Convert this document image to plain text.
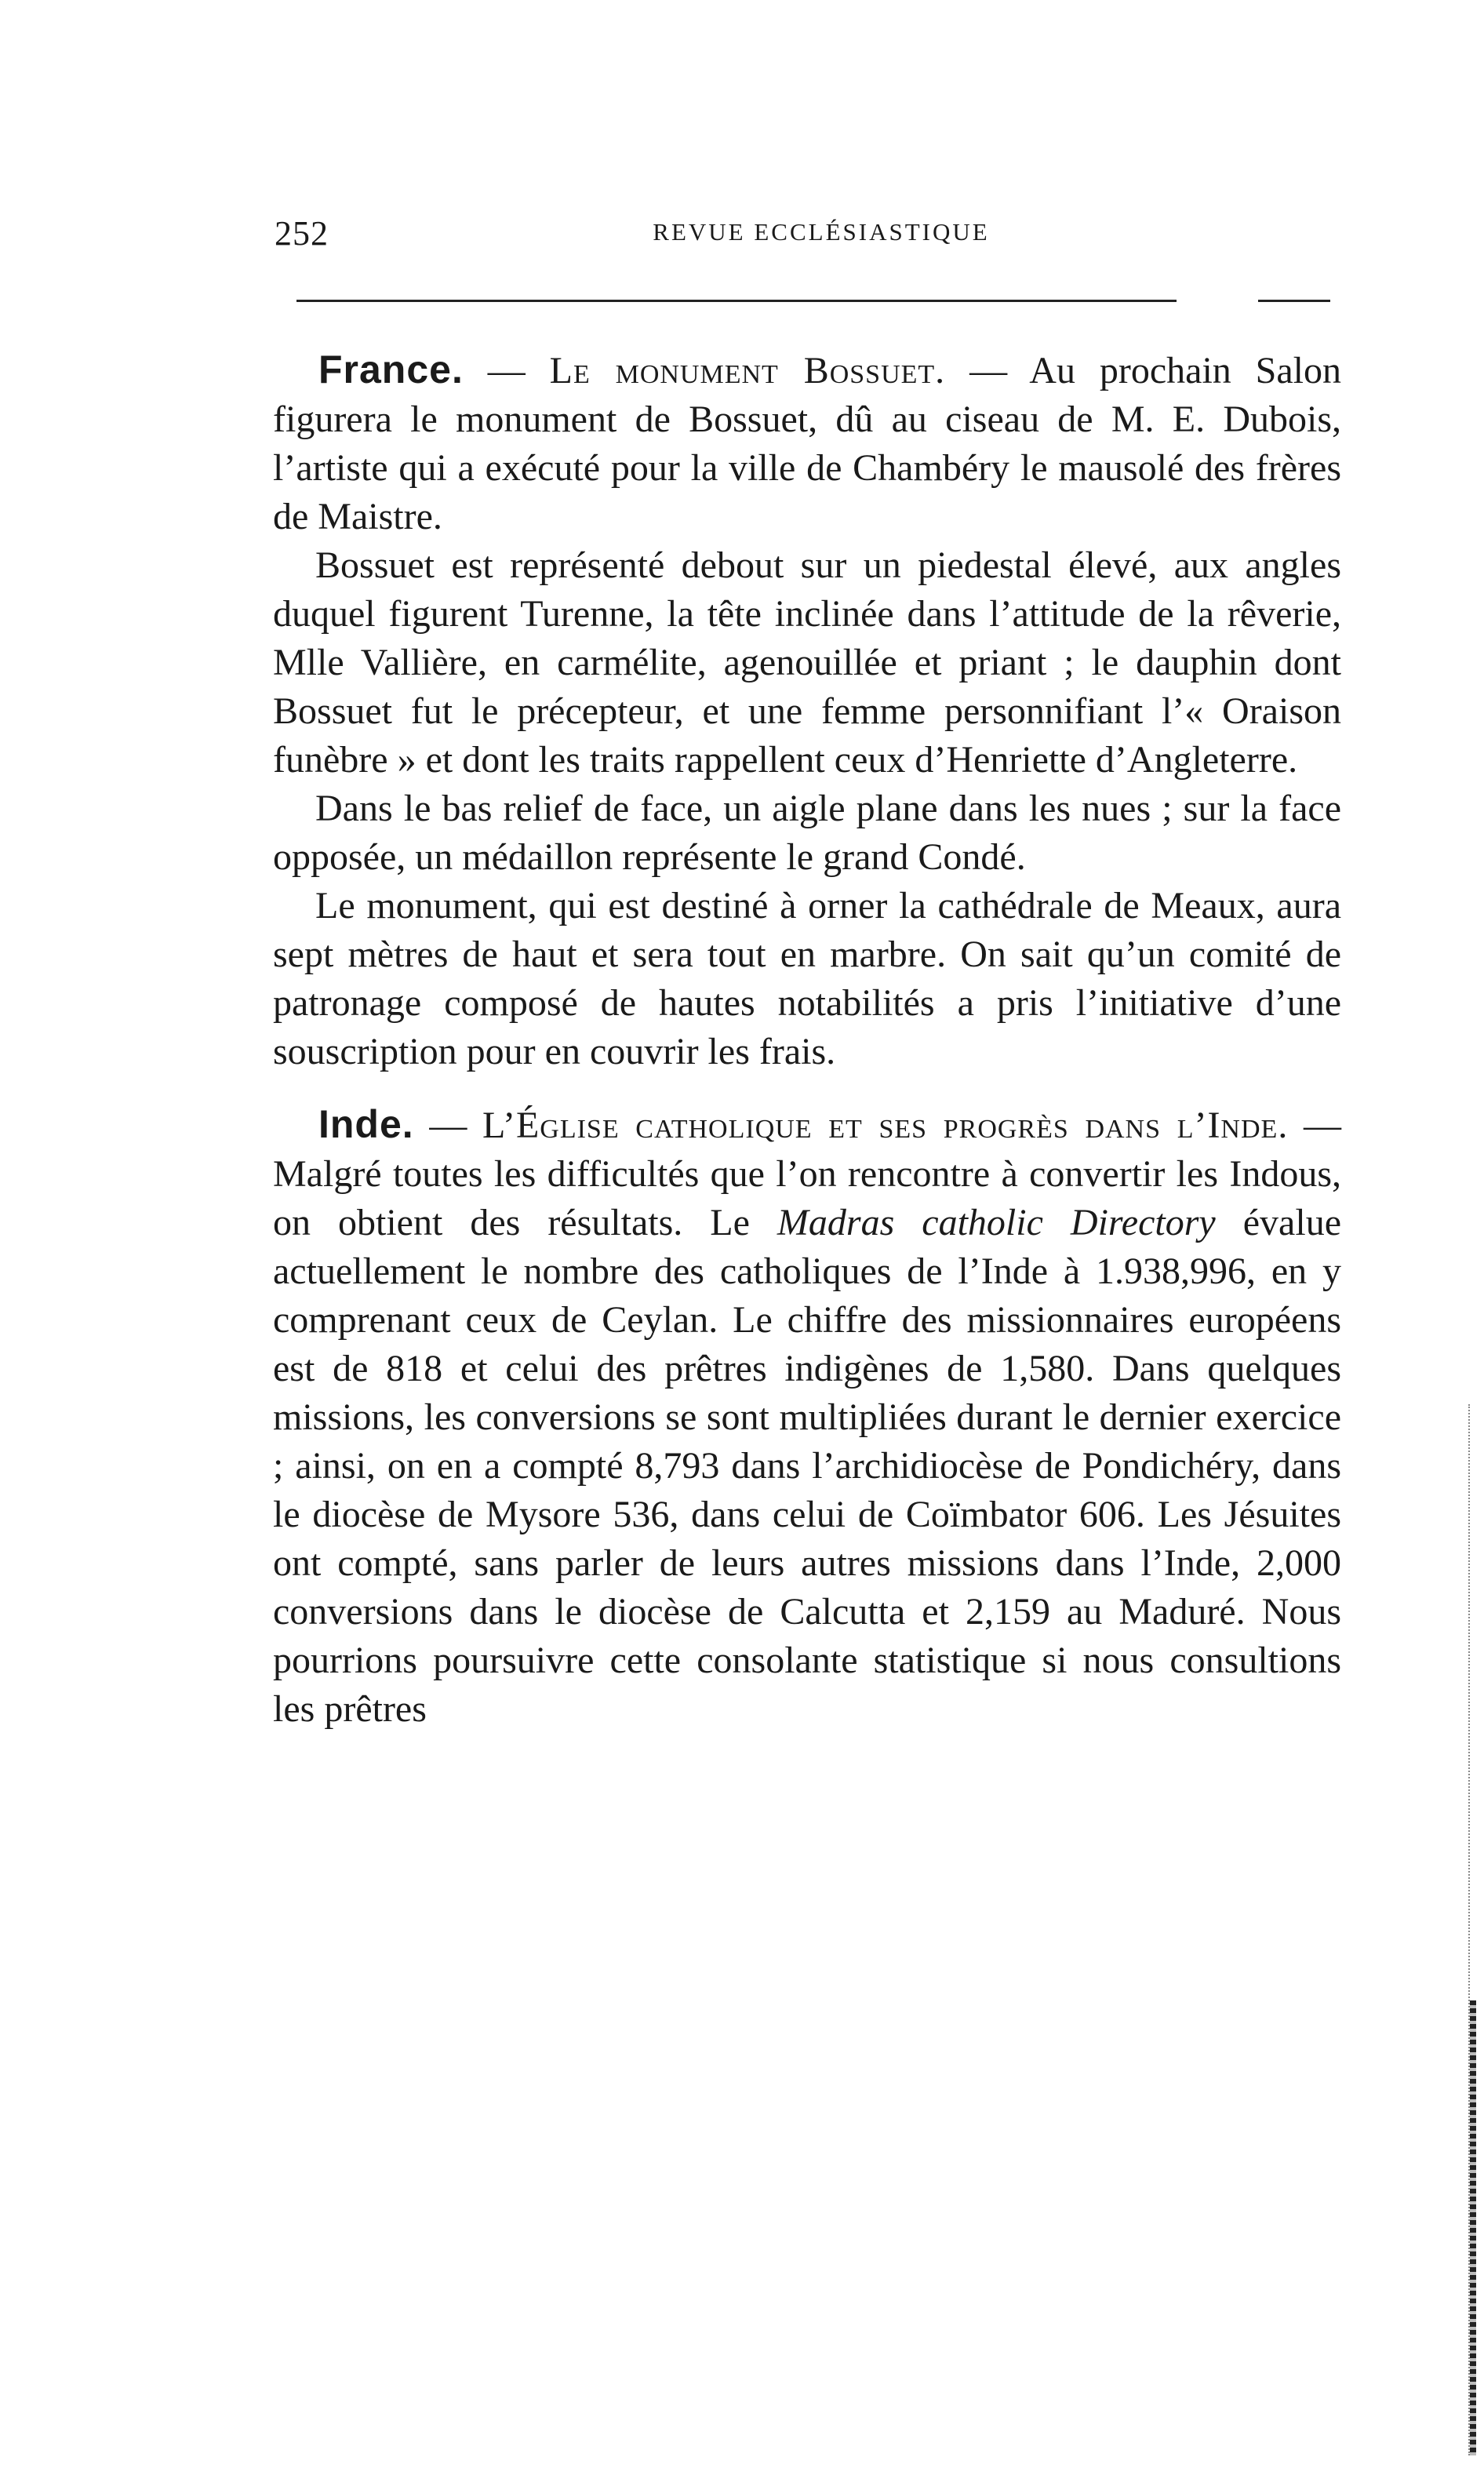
252	REVUE ECCLÉSIASTIQUE

France. — Le monument Bossuet. — Au prochain Salon figurera le monument de Bossuet, dû au ciseau de M. E. Dubois, l’artiste qui a exécuté pour la ville de Chambéry le mausolé des frères de Maistre.

Bossuet est représenté debout sur un piedestal élevé, aux angles duquel figurent Turenne, la tête inclinée dans l’attitude de la rêverie, Mlle Vallière, en carmélite, agenouillée et priant ; le dauphin dont Bossuet fut le précepteur, et une femme personnifiant l’« Oraison funèbre » et dont les traits rappellent ceux d’Henriette d’Angleterre.

Dans le bas relief de face, un aigle plane dans les nues ; sur la face opposée, un médaillon représente le grand Condé.

Le monument, qui est destiné à orner la cathédrale de Meaux, aura sept mètres de haut et sera tout en marbre. On sait qu’un comité de patronage composé de hautes notabilités a pris l’initiative d’une souscription pour en couvrir les frais.

Inde. — L’Église catholique et ses progrès dans l’Inde. — Malgré toutes les difficultés que l’on rencontre à convertir les Indous, on obtient des résultats. Le Madras catholic Directory évalue actuellement le nombre des catholiques de l’Inde à 1.938,996, en y comprenant ceux de Ceylan. Le chiffre des missionnaires européens est de 818 et celui des prêtres indigènes de 1,580. Dans quelques missions, les conversions se sont multipliées durant le dernier exercice ; ainsi, on en a compté 8,793 dans l’archidiocèse de Pondichéry, dans le diocèse de Mysore 536, dans celui de Coïmbator 606. Les Jésuites ont compté, sans parler de leurs autres missions dans l’Inde, 2,000 conversions dans le diocèse de Calcutta et 2,159 au Maduré. Nous pourrions poursuivre cette consolante statistique si nous consultions les prêtres
